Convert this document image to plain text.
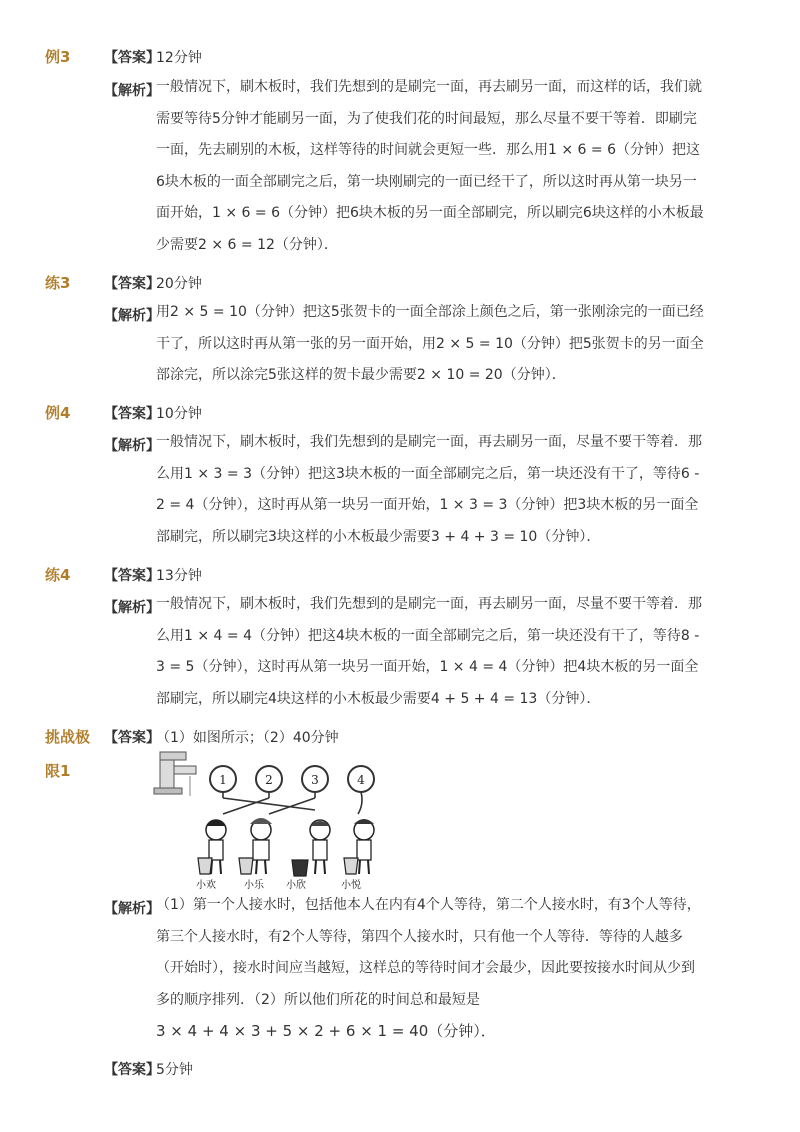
例3 【答案】
12分钟
【解析】
一般情况下，刷木板时，我们先想到的是刷完一面，再去刷另一面，而这样的话，我们就
需要等待5分钟才能刷另一面，为了使我们花的时间最短，那么尽量不要干等着．即刷完
一面，先去刷别的木板，这样等待的时间就会更短一些．那么用1 × 6 = 6（分钟）把这
6块木板的一面全部刷完之后，第一块刚刷完的一面已经干了，所以这时再从第一块另一
面开始，1 × 6 = 6（分钟）把6块木板的另一面全部刷完，所以刷完6块这样的小木板最
少需要2 × 6 = 12（分钟）．
练3 【答案】
20分钟
【解析】
用2 × 5 = 10（分钟）把这5张贺卡的一面全部涂上颜色之后，第一张刚涂完的一面已经
干了，所以这时再从第一张的另一面开始，用2 × 5 = 10（分钟）把5张贺卡的另一面全
部涂完，所以涂完5张这样的贺卡最少需要2 × 10 = 20（分钟）．
例4 【答案】
10分钟
【解析】
一般情况下，刷木板时，我们先想到的是刷完一面，再去刷另一面，尽量不要干等着．那
么用1 × 3 = 3（分钟）把这3块木板的一面全部刷完之后，第一块还没有干了，等待6 -
2 = 4（分钟），这时再从第一块另一面开始，1 × 3 = 3（分钟）把3块木板的另一面全
部刷完，所以刷完3块这样的小木板最少需要3 + 4 + 3 = 10（分钟）．
练4 【答案】
13分钟
【解析】
一般情况下，刷木板时，我们先想到的是刷完一面，再去刷另一面，尽量不要干等着．那
么用1 × 4 = 4（分钟）把这4块木板的一面全部刷完之后，第一块还没有干了，等待8 -
3 = 5（分钟），这时再从第一块另一面开始，1 × 4 = 4（分钟）把4块木板的另一面全
部刷完，所以刷完4块这样的小木板最少需要4 + 5 + 4 = 13（分钟）．
挑战极
限1
【答案】
（1）如图所示；（2）40分钟
1	2	3	4
小欢	小乐 小欣	小悦
【解析】
（1）第一个人接水时，包括他本人在内有4个人等待，第二个人接水时，有3个人等待，
第三个人接水时，有2个人等待，第四个人接水时，只有他一个人等待．等待的人越多
（开始时），接水时间应当越短，这样总的等待时间才会最少，因此要按接水时间从少到
多的顺序排列．（2）所以他们所花的时间总和最短是
3 × 4 + 4 × 3 + 5 × 2 + 6 × 1 = 40（分钟）．
【答案】
5分钟
